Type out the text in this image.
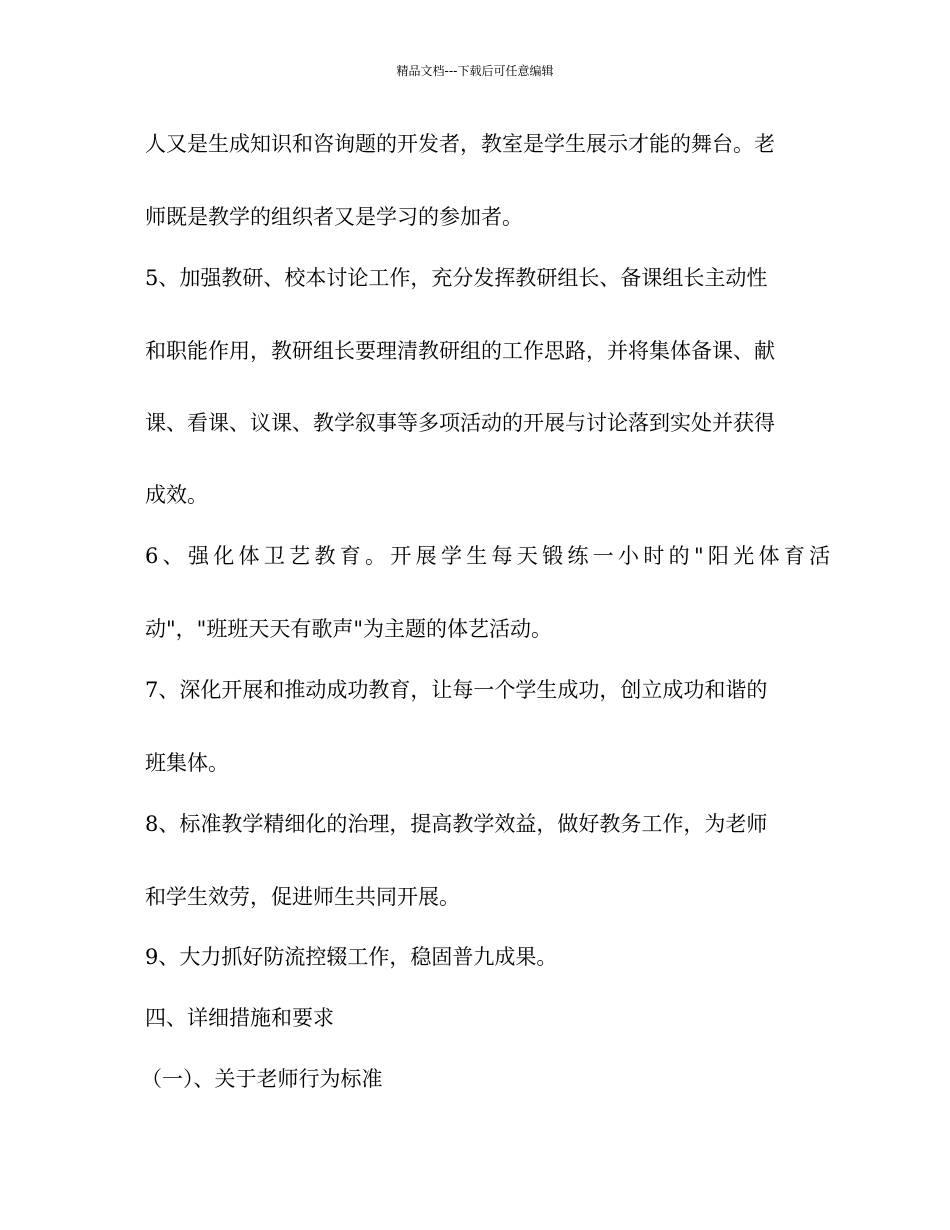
精品文档---下载后可任意编辑
人又是生成知识和咨询题的开发者，教室是学生展示才能的舞台。老
师既是教学的组织者又是学习的参加者。
5、加强教研、校本讨论工作，充分发挥教研组长、备课组长主动性
和职能作用，教研组长要理清教研组的工作思路，并将集体备课、献
课、看课、议课、教学叙事等多项活动的开展与讨论落到实处并获得
成效。
6、强化体卫艺教育。开展学生每天锻练一小时的"阳光体育活
动"，"班班天天有歌声"为主题的体艺活动。
7、深化开展和推动成功教育，让每一个学生成功，创立成功和谐的
班集体。
8、标准教学精细化的治理，提高教学效益，做好教务工作，为老师
和学生效劳，促进师生共同开展。
9、大力抓好防流控辍工作，稳固普九成果。
四、详细措施和要求
（一）、关于老师行为标准
